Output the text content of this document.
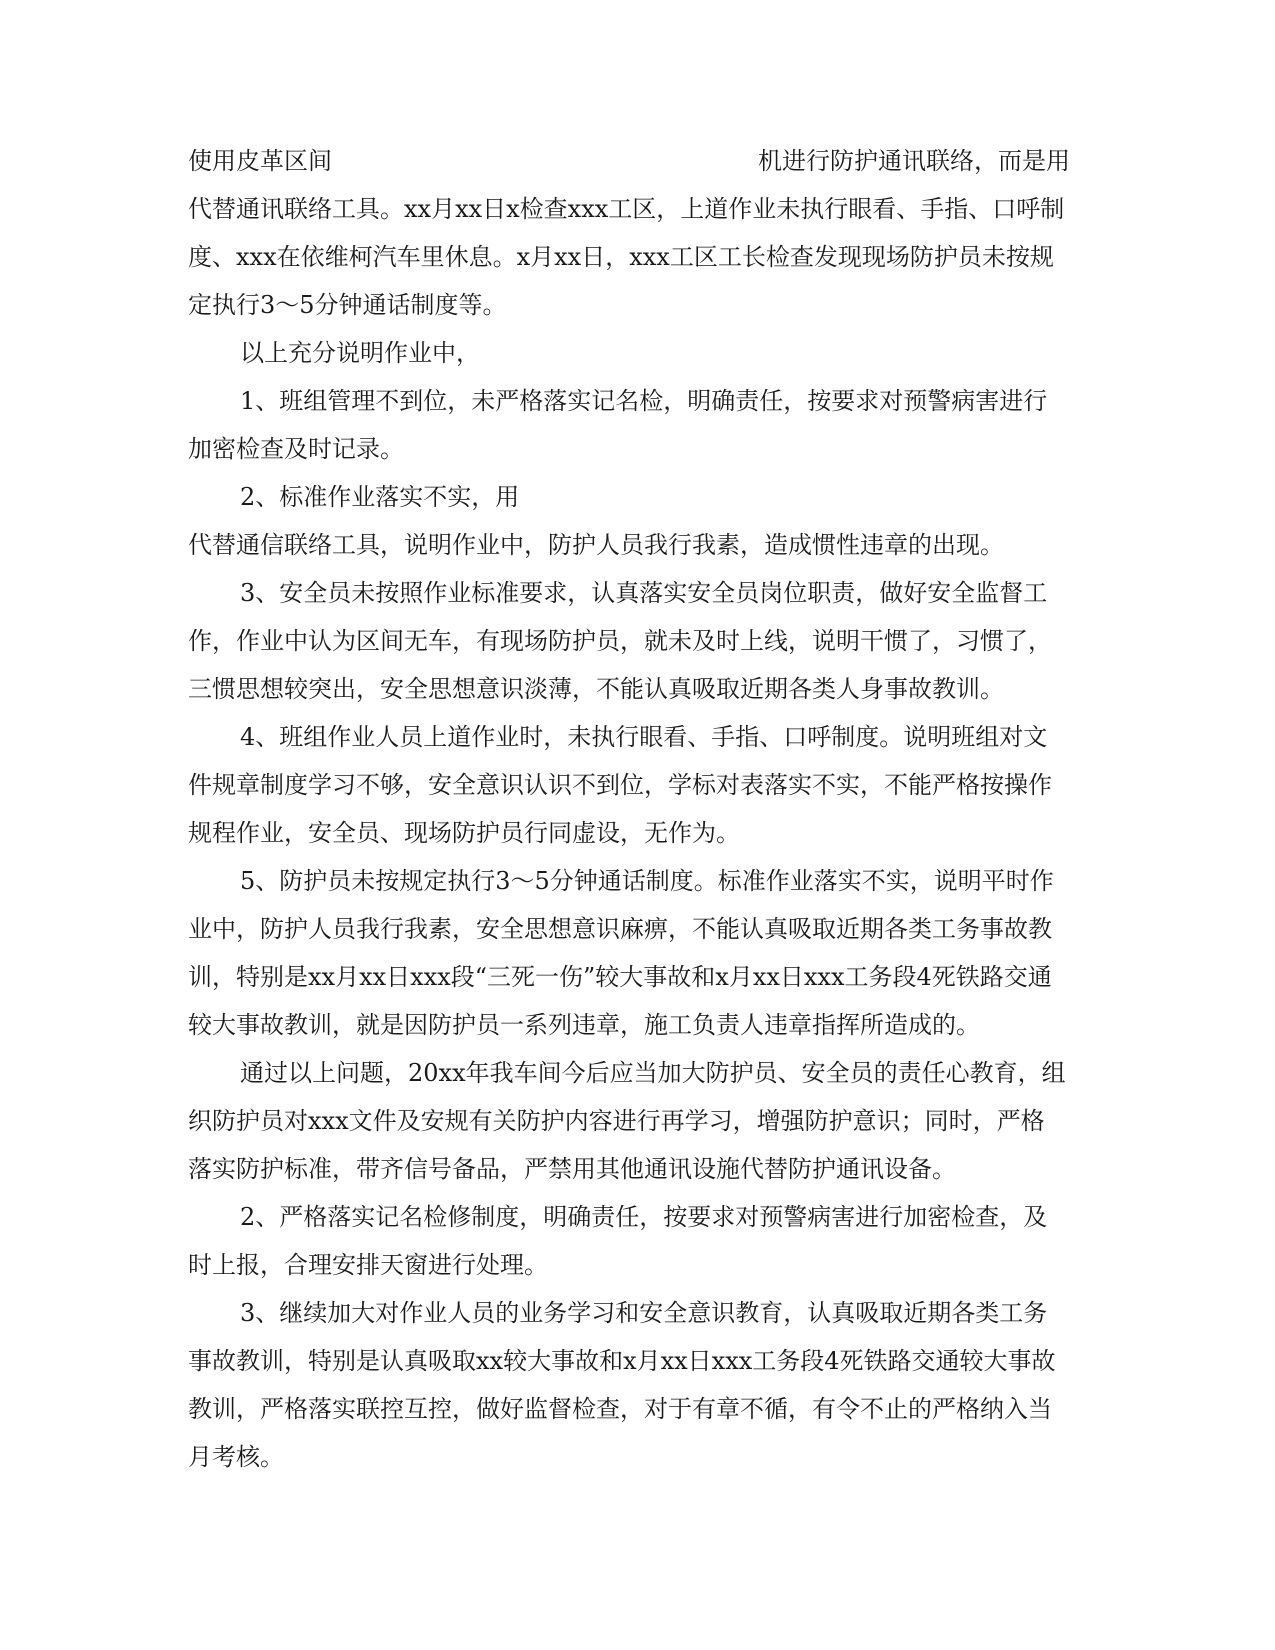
使用皮革区间	机进行防护通讯联络，而是用
代替通讯联络工具。xx月xx日x检查xxx工区，上道作业未执行眼看、手指、口呼制
度、xxx在依维柯汽车里休息。x月xx日，xxx工区工长检查发现现场防护员未按规
定执行3～5分钟通话制度等。
以上充分说明作业中，
1、班组管理不到位，未严格落实记名检，明确责任，按要求对预警病害进行
加密检查及时记录。
2、标准作业落实不实，用
代替通信联络工具，说明作业中，防护人员我行我素，造成惯性违章的出现。
3、安全员未按照作业标准要求，认真落实安全员岗位职责，做好安全监督工
作，作业中认为区间无车，有现场防护员，就未及时上线，说明干惯了，习惯了，
三惯思想较突出，安全思想意识淡薄，不能认真吸取近期各类人身事故教训。
4、班组作业人员上道作业时，未执行眼看、手指、口呼制度。说明班组对文
件规章制度学习不够，安全意识认识不到位，学标对表落实不实，不能严格按操作
规程作业，安全员、现场防护员行同虚设，无作为。
5、防护员未按规定执行3～5分钟通话制度。标准作业落实不实，说明平时作
业中，防护人员我行我素，安全思想意识麻痹，不能认真吸取近期各类工务事故教
训，特别是xx月xx日xxx段“三死一伤”较大事故和x月xx日xxx工务段4死铁路交通
较大事故教训，就是因防护员一系列违章，施工负责人违章指挥所造成的。
通过以上问题，20xx年我车间今后应当加大防护员、安全员的责任心教育，组
织防护员对xxx文件及安规有关防护内容进行再学习，增强防护意识；同时，严格
落实防护标准，带齐信号备品，严禁用其他通讯设施代替防护通讯设备。
2、严格落实记名检修制度，明确责任，按要求对预警病害进行加密检查，及
时上报，合理安排天窗进行处理。
3、继续加大对作业人员的业务学习和安全意识教育，认真吸取近期各类工务
事故教训，特别是认真吸取xx较大事故和x月xx日xxx工务段4死铁路交通较大事故
教训，严格落实联控互控，做好监督检查，对于有章不循，有令不止的严格纳入当
月考核。
